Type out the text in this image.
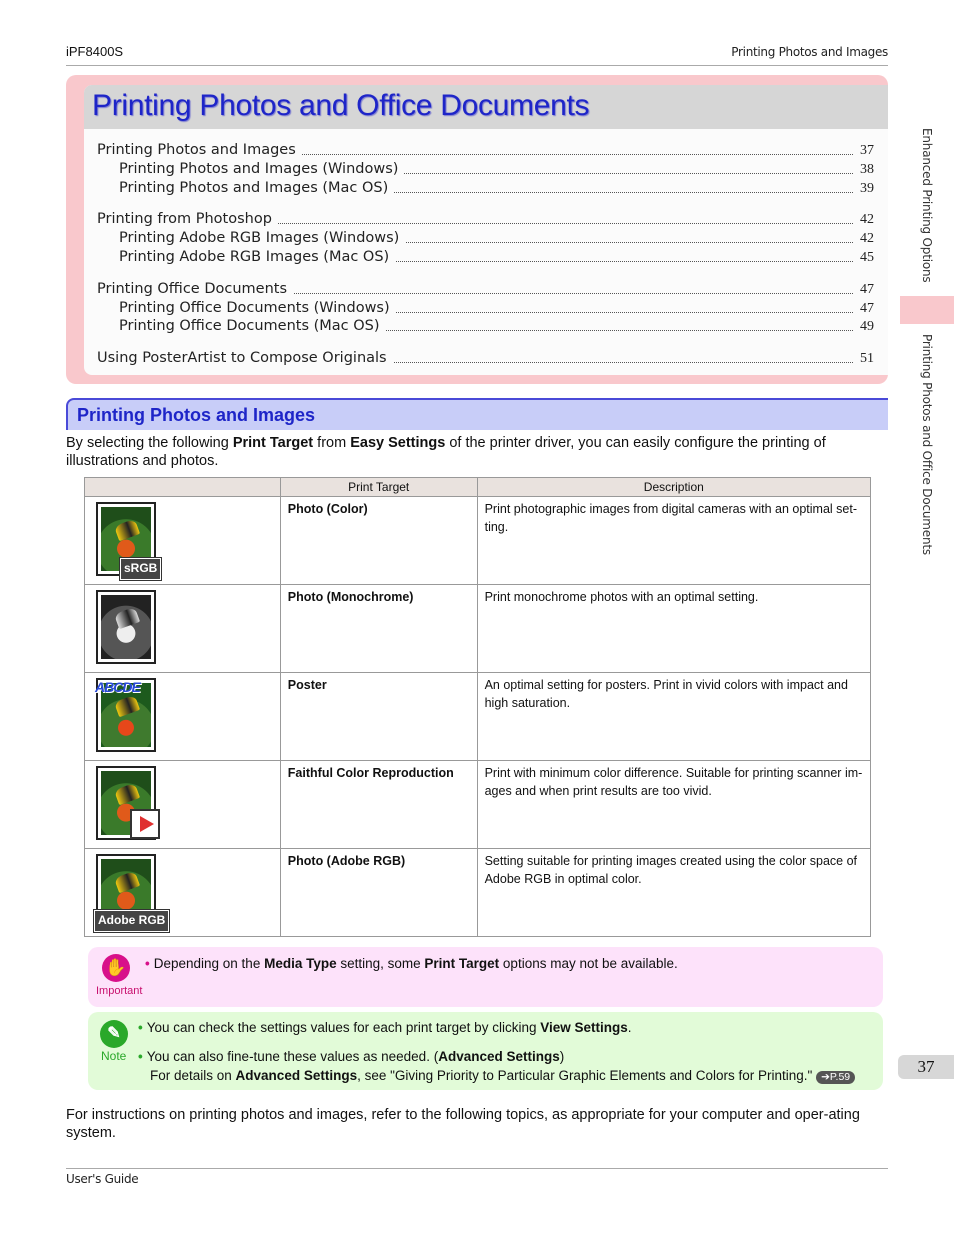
iPF8400S	Printing Photos and Images
Printing Photos and Office Documents
Printing Photos and Images	37
Printing Photos and Images (Windows)	38
Printing Photos and Images (Mac OS)	39
Printing from Photoshop	42
Printing Adobe RGB Images (Windows)	42
Printing Adobe RGB Images (Mac OS)	45
Printing Office Documents	47
Printing Office Documents (Windows)	47
Printing Office Documents (Mac OS)	49
Using PosterArtist to Compose Originals	51
Printing Photos and Images

By selecting the following Print Target from Easy Settings of the printer driver, you can easily configure the printing of illustrations and photos.

	Print Target	Description

sRGB	Photo (Color)	Print photographic images from digital cameras with an optimal set-ting.

	Photo (Monochrome)	Print monochrome photos with an optimal setting.

ABCDE	Poster	An optimal setting for posters. Print in vivid colors with impact and high saturation.

	Faithful Color Reproduction	Print with minimum color difference. Suitable for printing scanner im-ages and when print results are too vivid.

Adobe RGB	Photo (Adobe RGB)	Setting suitable for printing images created using the color space of Adobe RGB in optimal color.
✋
Important
• Depending on the Media Type setting, some Print Target options may not be available.
✎
Note
• You can check the settings values for each print target by clicking View Settings.
• You can also fine-tune these values as needed. (Advanced Settings)
For details on Advanced Settings, see "Giving Priority to Particular Graphic Elements and Colors for Printing." ➔P.59

For instructions on printing photos and images, refer to the following topics, as appropriate for your computer and oper-ating system.

Enhanced Printing Options
Printing Photos and Office Documents
37
User's Guide
